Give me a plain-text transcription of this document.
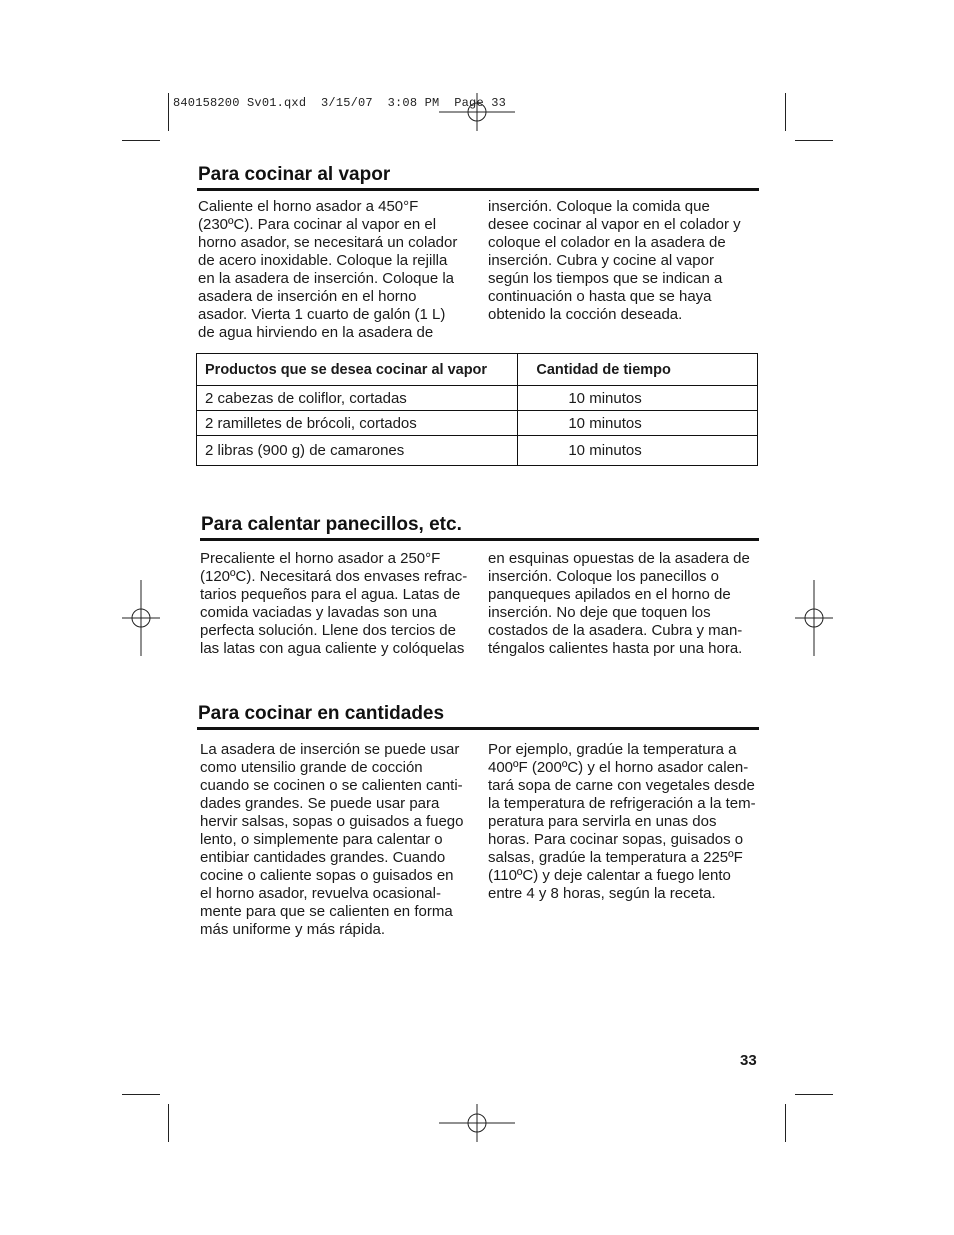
840158200 Sv01.qxd  3/15/07  3:08 PM  Page 33
Para cocinar al vapor
Caliente el horno asador a 450°F
(230ºC). Para cocinar al vapor en el
horno asador, se necesitará un colador
de acero inoxidable. Coloque la rejilla
en la asadera de inserción. Coloque la
asadera de inserción en el horno
asador. Vierta 1 cuarto de galón (1 L)
de agua hirviendo en la asadera de
inserción. Coloque la comida que
desee cocinar al vapor en el colador y
coloque el colador en la asadera de
inserción. Cubra y cocine al vapor
según los tiempos que se indican a
continuación o hasta que se haya
obtenido la cocción deseada.
Productos que se desea cocinar al vapor	Cantidad de tiempo
2 cabezas de coliflor, cortadas	10 minutos
2 ramilletes de brócoli, cortados	10 minutos
2 libras (900 g) de camarones	10 minutos
Para calentar panecillos, etc.
Precaliente el horno asador a 250°F
(120ºC). Necesitará dos envases refrac-
tarios pequeños para el agua. Latas de
comida vaciadas y lavadas son una
perfecta solución. Llene dos tercios de
las latas con agua caliente y colóquelas
en esquinas opuestas de la asadera de
inserción. Coloque los panecillos o
panqueques apilados en el horno de
inserción. No deje que toquen los
costados de la asadera. Cubra y man-
téngalos calientes hasta por una hora.
Para cocinar en cantidades
La asadera de inserción se puede usar
como utensilio grande de cocción
cuando se cocinen o se calienten canti-
dades grandes. Se puede usar para
hervir salsas, sopas o guisados a fuego
lento, o simplemente para calentar o
entibiar cantidades grandes. Cuando
cocine o caliente sopas o guisados en
el horno asador, revuelva ocasional-
mente para que se calienten en forma
más uniforme y más rápida.
Por ejemplo, gradúe la temperatura a
400ºF (200ºC) y el horno asador calen-
tará sopa de carne con vegetales desde
la temperatura de refrigeración a la tem-
peratura para servirla en unas dos
horas. Para cocinar sopas, guisados o
salsas, gradúe la temperatura a 225ºF
(110ºC) y deje calentar a fuego lento
entre 4 y 8 horas, según la receta.
33
